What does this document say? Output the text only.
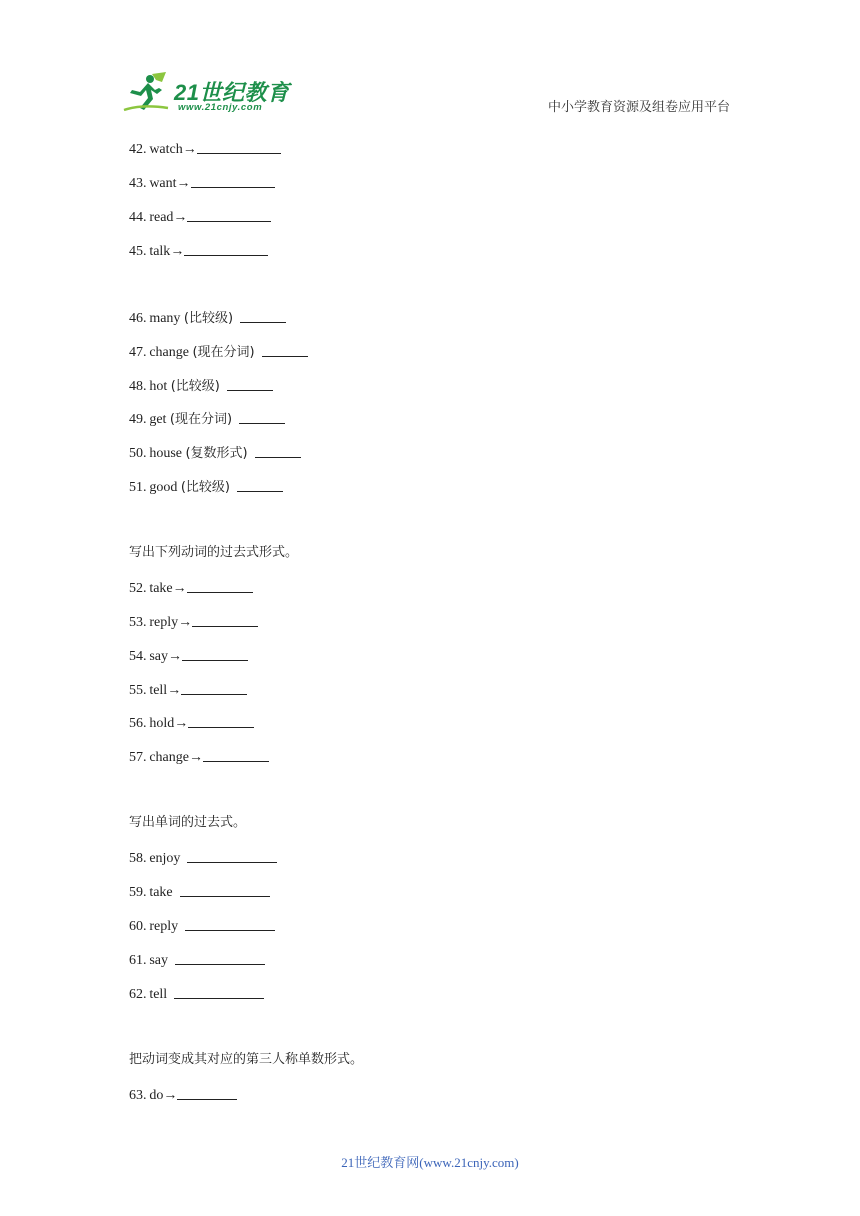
21世纪教育
www.21cnjy.com	中小学教育资源及组卷应用平台
42.  watch→
43.  want→
44.  read→
45.  talk→
46.  many (比较级)
47.  change (现在分词)
48.  hot (比较级)
49.  get (现在分词)
50.  house (复数形式)
51.  good (比较级)
写出下列动词的过去式形式。
52.  take→
53.  reply→
54.  say→
55.  tell→
56.  hold→
57.  change→
写出单词的过去式。
58.  enjoy
59.  take
60.  reply
61.  say
62.  tell
把动词变成其对应的第三人称单数形式。
63.  do→
21世纪教育网(www.21cnjy.com)
